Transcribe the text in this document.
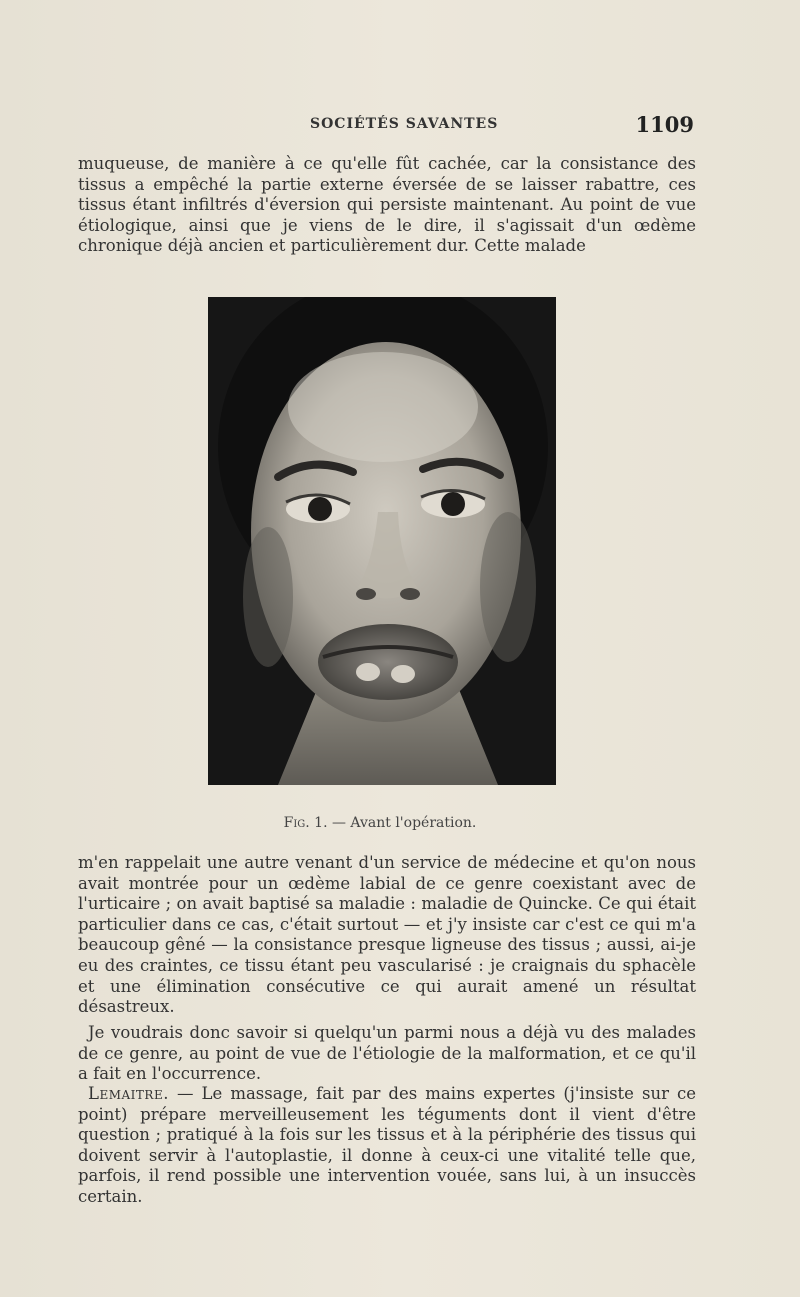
SOCIÉTÉS SAVANTES	1109

muqueuse, de manière à ce qu'elle fût cachée, car la consistance des tissus a empêché la partie externe éversée de se laisser rabattre, ces tissus étant infiltrés d'éversion qui persiste maintenant. Au point de vue étiologique, ainsi que je viens de le dire, il s'agissait d'un œdème chronique déjà ancien et particulièrement dur. Cette malade

Fig. 1. — Avant l'opération.

m'en rappelait une autre venant d'un service de médecine et qu'on nous avait montrée pour un œdème labial de ce genre coexistant avec de l'urticaire ; on avait baptisé sa maladie : maladie de Quincke. Ce qui était particulier dans ce cas, c'était surtout — et j'y insiste car c'est ce qui m'a beaucoup gêné — la consistance presque ligneuse des tissus ; aussi, ai-je eu des craintes, ce tissu étant peu vascularisé : je craignais du sphacèle et une élimination consécutive ce qui aurait amené un résultat désastreux.

Je voudrais donc savoir si quelqu'un parmi nous a déjà vu des malades de ce genre, au point de vue de l'étiologie de la malformation, et ce qu'il a fait en l'occurrence.

Lemaitre. — Le massage, fait par des mains expertes (j'insiste sur ce point) prépare merveilleusement les téguments dont il vient d'être question ; pratiqué à la fois sur les tissus et à la périphérie des tissus qui doivent servir à l'autoplastie, il donne à ceux-ci une vitalité telle que, parfois, il rend possible une intervention vouée, sans lui, à un insuccès certain.
